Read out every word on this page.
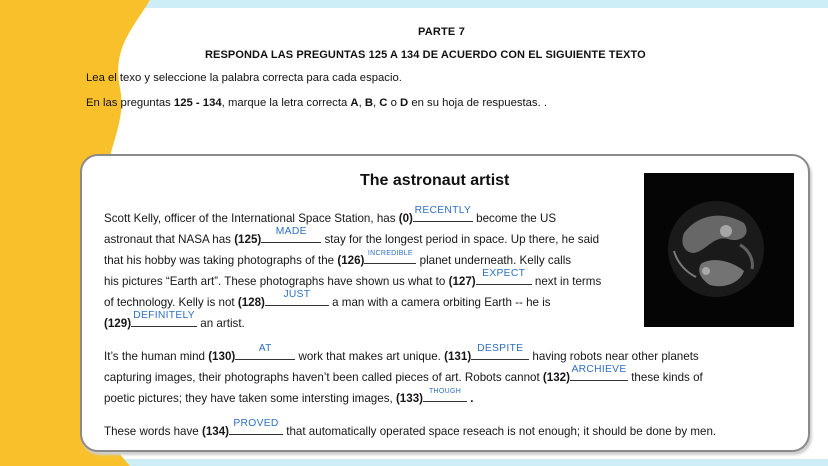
PARTE 7
RESPONDA LAS PREGUNTAS 125 A 134 DE ACUERDO CON EL SIGUIENTE TEXTO
Lea el texo y seleccione la palabra correcta para cada espacio.
En las preguntas 125 - 134, marque la letra correcta A, B, C o D en su hoja de respuestas. .
The astronaut artist
Scott Kelly, officer of the International Space Station, has (0)
RECENTLY
become the US
astronaut that NASA has (125)
MADE
stay for the longest period in space. Up there, he said
that his hobby was taking photographs of the (126)
INCREDIBLE
planet underneath. Kelly calls
his pictures “Earth art”. These photographs have shown us what to (127)
EXPECT
next in terms
of technology. Kelly is not (128)
JUST
a man with a camera orbiting Earth -- he is
(129)
DEFINITELY
an artist.
It’s the human mind (130)
AT
work that makes art unique. (131)
DESPITE
having robots near other planets
capturing images, their photographs haven’t been called pieces of art. Robots cannot (132)
ARCHIEVE
these kinds of
poetic pictures; they have taken some intersting images, (133)
THOUGH
.
These words have (134)
PROVED
that automatically operated space reseach is not enough; it should be done by men.
